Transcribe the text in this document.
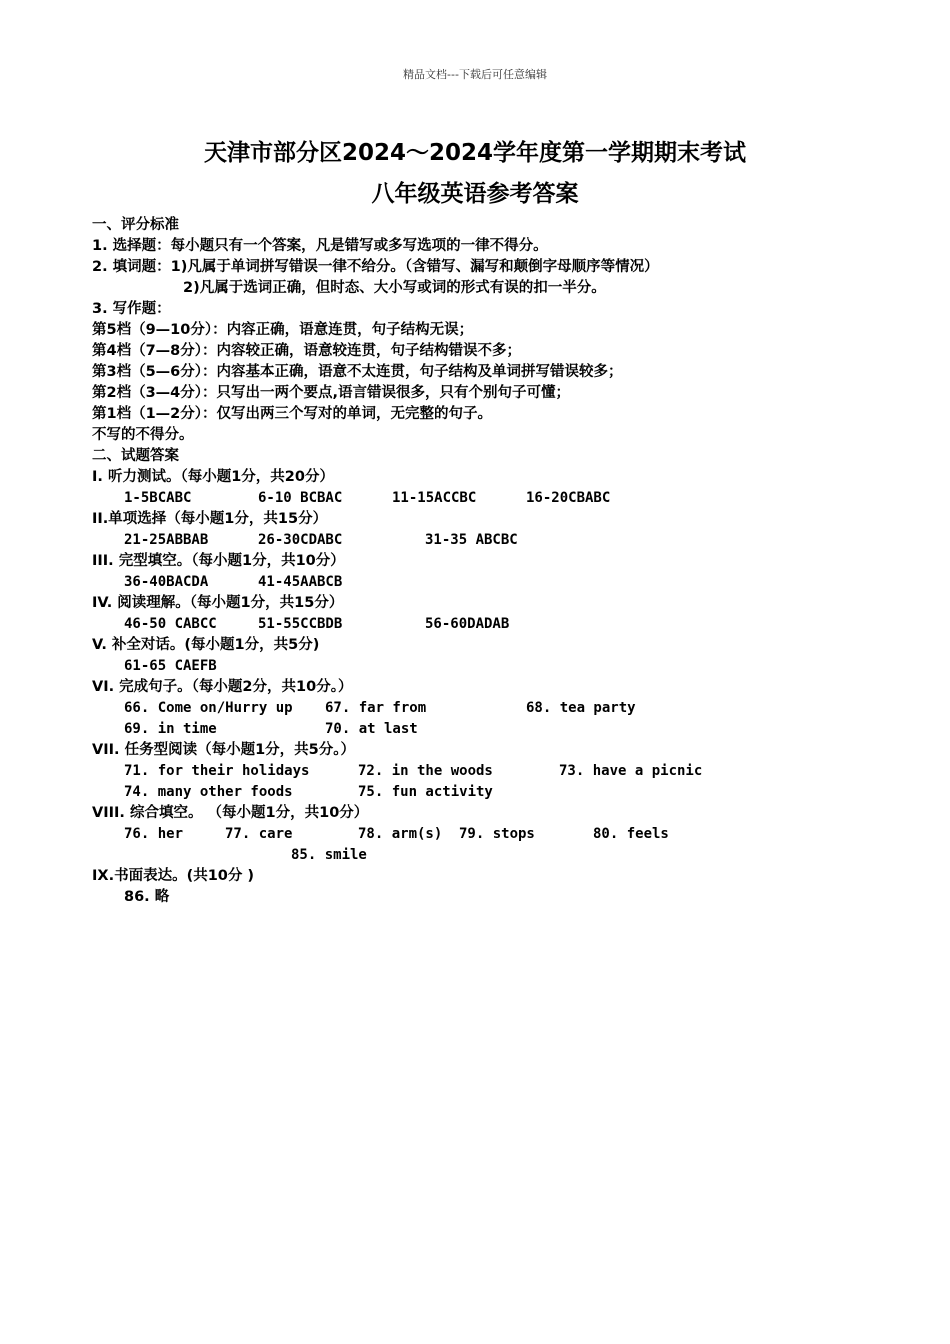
精品文档---下载后可任意编辑
天津市部分区2024～2024学年度第一学期期末考试
八年级英语参考答案
一、评分标准
1. 选择题：每小题只有一个答案，凡是错写或多写选项的一律不得分。
2. 填词题：1)凡属于单词拼写错误一律不给分。（含错写、漏写和颠倒字母顺序等情况）
2)凡属于选词正确，但时态、大小写或词的形式有误的扣一半分。
3. 写作题：
第5档（9—10分）：内容正确，语意连贯，句子结构无误；
第4档（7—8分）：内容较正确，语意较连贯，句子结构错误不多；
第3档（5—6分）：内容基本正确，语意不太连贯，句子结构及单词拼写错误较多；
第2档（3—4分）：只写出一两个要点,语言错误很多，只有个别句子可懂；
第1档（1—2分）：仅写出两三个写对的单词，无完整的句子。
不写的不得分。
二、试题答案
I. 听力测试。（每小题1分，共20分）
1-5BCABC	6-10 BCBAC	11-15ACCBC	16-20CBABC
II.单项选择（每小题1分，共15分）
21-25ABBAB	26-30CDABC	31-35 ABCBC
III. 完型填空。（每小题1分，共10分）
36-40BACDA	41-45AABCB
IV. 阅读理解。（每小题1分，共15分）
46-50 CABCC	51-55CCBDB	56-60DADAB
V. 补全对话。(每小题1分，共5分)
61-65 CAEFB
VI. 完成句子。（每小题2分，共10分。）
66. Come on/Hurry up 67. far from	68. tea party
69. in time	70. at last
VII. 任务型阅读（每小题1分，共5分。）
71. for their holidays	72. in the woods	73. have a picnic
74. many other foods	75. fun activity
VIII. 综合填空。 （每小题1分，共10分）
76. her	77. care	78. arm(s) 79. stops	80. feels
85. smile
IX.书面表达。(共10分 )
86. 略
